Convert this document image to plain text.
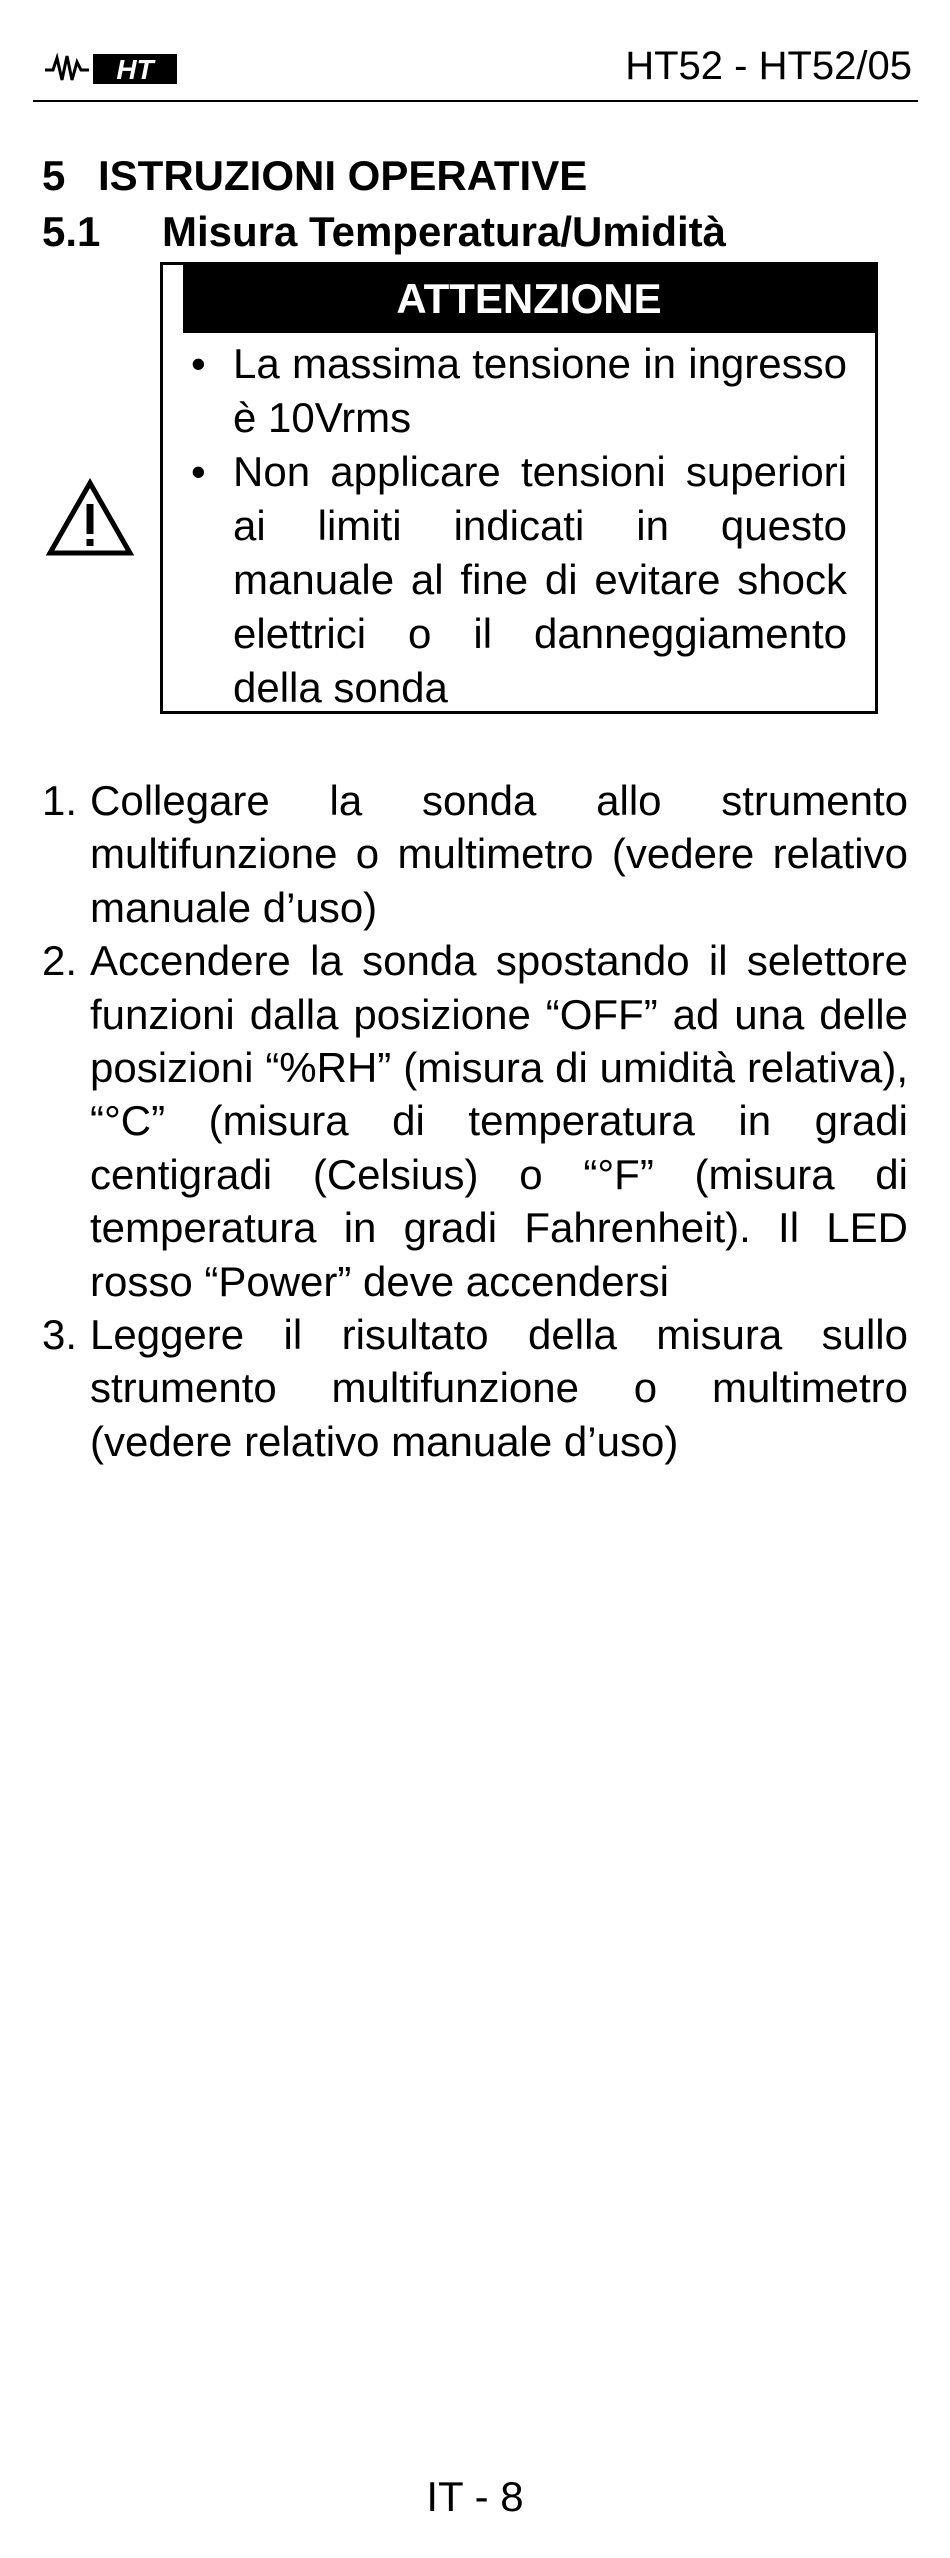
HT	HT52 - HT52/05
5 ISTRUZIONI OPERATIVE
5.1 Misura Temperatura/Umidità
ATTENZIONE
• La massima tensione in ingresso è 10Vrms
• Non applicare tensioni superiori ai limiti indicati in questo manuale al fine di evitare shock elettrici o il danneggiamento della sonda
1. Collegare la sonda allo strumento multifunzione o multimetro (vedere relativo manuale d’uso)
2. Accendere la sonda spostando il selettore funzioni dalla posizione “OFF” ad una delle posizioni “%RH” (misura di umidità relativa), “°C” (misura di temperatura in gradi centigradi (Celsius) o “°F” (misura di temperatura in gradi Fahrenheit). Il LED rosso “Power” deve accendersi
3. Leggere il risultato della misura sullo strumento multifunzione o multimetro (vedere relativo manuale d’uso)
IT - 8
